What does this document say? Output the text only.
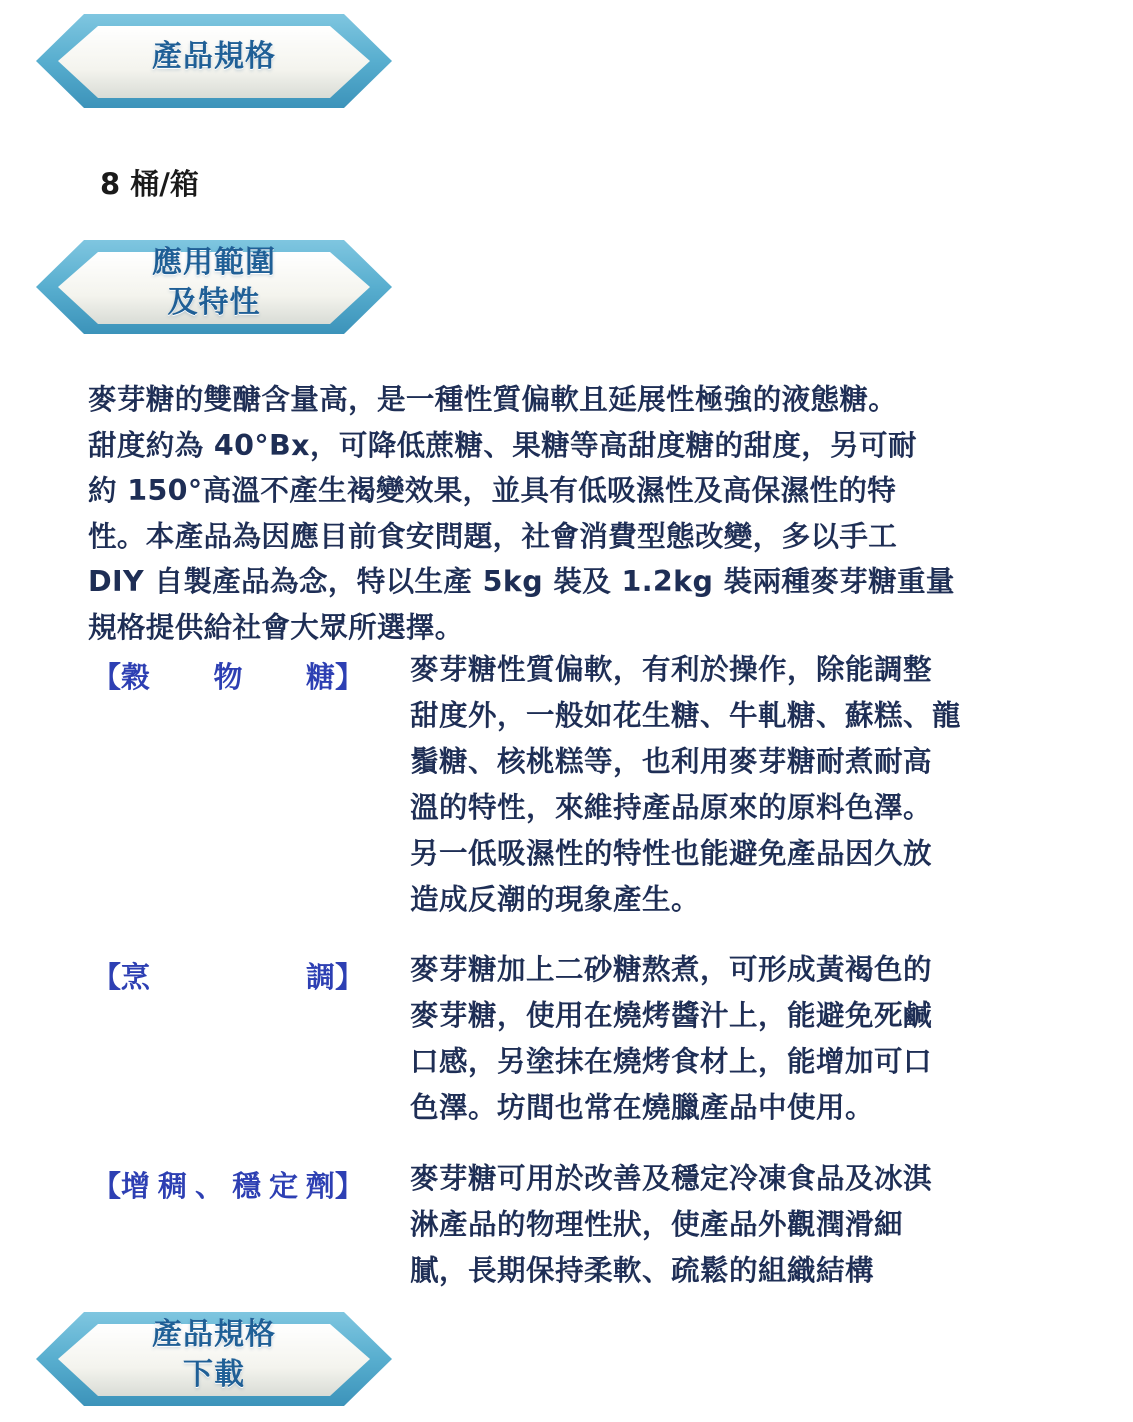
產品規格
8 桶/箱
應用範圍
及特性
麥芽糖的雙醣含量高，是一種性質偏軟且延展性極強的液態糖。
甜度約為 40°Bx，可降低蔗糖、果糖等高甜度糖的甜度，另可耐
約 150°高溫不產生褐變效果，並具有低吸濕性及高保濕性的特
性。本產品為因應目前食安問題，社會消費型態改變，多以手工
DIY 自製產品為念，特以生產 5kg 裝及 1.2kg 裝兩種麥芽糖重量
規格提供給社會大眾所選擇。
【穀 物 糖】 麥芽糖性質偏軟，有利於操作，除能調整
甜度外，一般如花生糖、牛軋糖、蘇糕、龍
鬚糖、核桃糕等，也利用麥芽糖耐煮耐高
溫的特性，來維持產品原來的原料色澤。
另一低吸濕性的特性也能避免產品因久放
造成反潮的現象產生。
【烹	調】 麥芽糖加上二砂糖熬煮，可形成黃褐色的
麥芽糖，使用在燒烤醬汁上，能避免死鹹
口感，另塗抹在燒烤食材上，能增加可口
色澤。坊間也常在燒臘產品中使用。
【增 稠 、 穩 定 劑】 麥芽糖可用於改善及穩定冷凍食品及冰淇
淋產品的物理性狀，使產品外觀潤滑細
膩，長期保持柔軟、疏鬆的組織結構
產品規格
下載
